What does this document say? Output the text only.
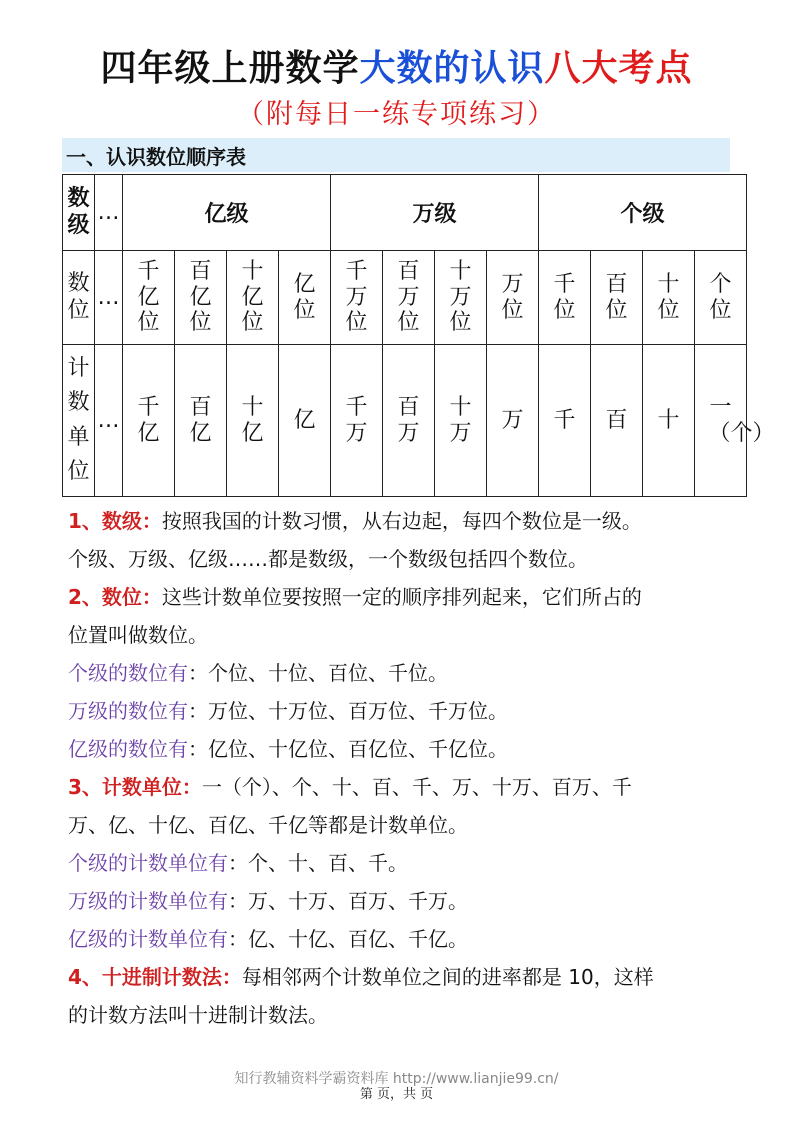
四年级上册数学大数的认识八大考点
（附每日一练专项练习）
一、认识数位顺序表
数级	…	亿级				万级				个级			
数位	…	千亿位	百亿位	十亿位	亿位	千万位	百万位	十万位	万位	千位	百位	十位	个位
计数单位	…	千亿	百亿	十亿	亿	千万	百万	十万	万	千	百	十	一（个）

1、数级：按照我国的计数习惯，从右边起，每四个数位是一级。

个级、万级、亿级……都是数级，一个数级包括四个数位。

2、数位：这些计数单位要按照一定的顺序排列起来，它们所占的

位置叫做数位。

个级的数位有：个位、十位、百位、千位。

万级的数位有：万位、十万位、百万位、千万位。

亿级的数位有：亿位、十亿位、百亿位、千亿位。

3、计数单位：一（个）、个、十、百、千、万、十万、百万、千

万、亿、十亿、百亿、千亿等都是计数单位。

个级的计数单位有：个、十、百、千。

万级的计数单位有：万、十万、百万、千万。

亿级的计数单位有：亿、十亿、百亿、千亿。

4、十进制计数法：每相邻两个计数单位之间的进率都是 10，这样

的计数方法叫十进制计数法。

知行教辅资料学霸资料库 http://www.lianjie99.cn/
第 页，共 页
